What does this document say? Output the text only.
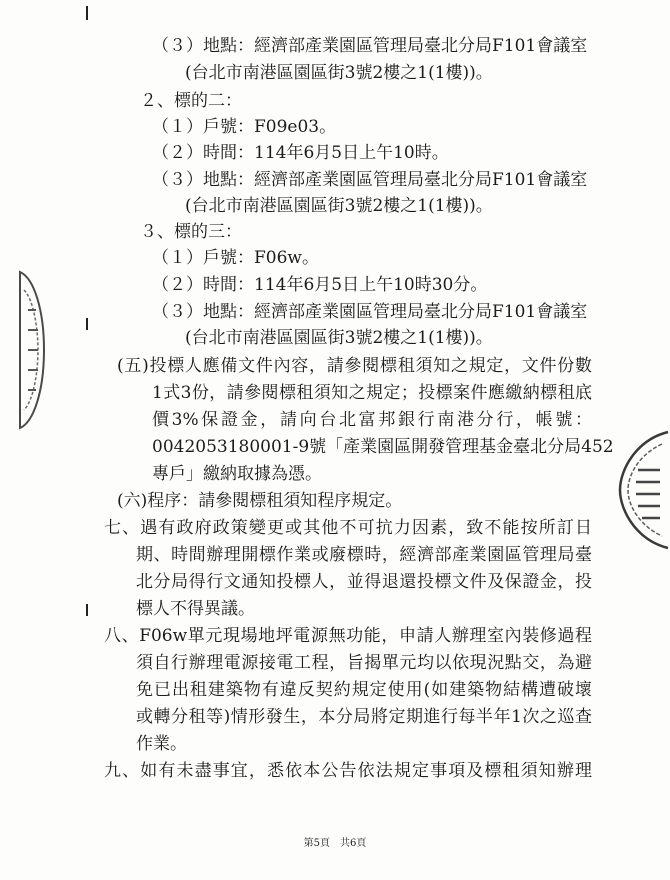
（３）地點：經濟部產業園區管理局臺北分局F101會議室
(台北市南港區園區街3號2樓之1(1樓))。
２、標的二：
（１）戶號：F09e03。
（２）時間：114年6月5日上午10時。
（３）地點：經濟部產業園區管理局臺北分局F101會議室
(台北市南港區園區街3號2樓之1(1樓))。
３、標的三：
（１）戶號：F06w。
（２）時間：114年6月5日上午10時30分。
（３）地點：經濟部產業園區管理局臺北分局F101會議室
(台北市南港區園區街3號2樓之1(1樓))。
(五)投標人應備文件內容，請參閱標租須知之規定，文件份數
1式3份，請參閱標租須知之規定；投標案件應繳納標租底
價3%保證金，請向台北富邦銀行南港分行，帳號：
0042053180001-9號「產業園區開發管理基金臺北分局452
專戶」繳納取據為憑。
(六)程序：請參閱標租須知程序規定。
七、遇有政府政策變更或其他不可抗力因素，致不能按所訂日
期、時間辦理開標作業或廢標時，經濟部產業園區管理局臺
北分局得行文通知投標人，並得退還投標文件及保證金，投
標人不得異議。
八、F06w單元現場地坪電源無功能，申請人辦理室內裝修過程
須自行辦理電源接電工程，旨揭單元均以依現況點交，為避
免已出租建築物有違反契約規定使用(如建築物結構遭破壞
或轉分租等)情形發生，本分局將定期進行每半年1次之巡查
作業。
九、如有未盡事宜，悉依本公告依法規定事項及標租須知辦理
第5頁　共6頁
